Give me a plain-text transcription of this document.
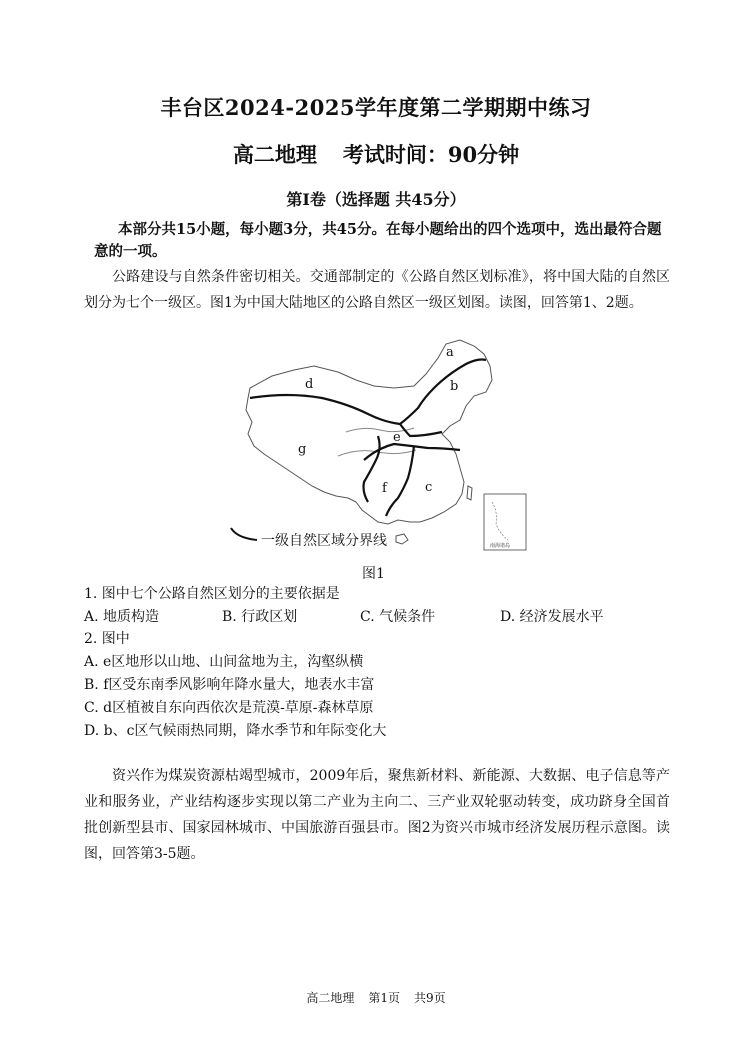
丰台区2024-2025学年度第二学期期中练习
高二地理 考试时间：90分钟
第Ⅰ卷（选择题 共45分）
本部分共15小题，每小题3分，共45分。在每小题给出的四个选项中，选出最符合题意的一项。
公路建设与自然条件密切相关。交通部制定的《公路自然区划标准》，将中国大陆的自然区划分为七个一级区。图1为中国大陆地区的公路自然区一级区划图。读图，回答第1、2题。
a
b
d
e
g
f	c
南海诸岛
一级自然区域分界线
图1
1. 图中七个公路自然区划分的主要依据是
A. 地质构造	B. 行政区划	C. 气候条件	D. 经济发展水平
2. 图中
A. e区地形以山地、山间盆地为主，沟壑纵横
B. f区受东南季风影响年降水量大，地表水丰富
C. d区植被自东向西依次是荒漠-草原-森林草原
D. b、c区气候雨热同期，降水季节和年际变化大
资兴作为煤炭资源枯竭型城市，2009年后，聚焦新材料、新能源、大数据、电子信息等产业和服务业，产业结构逐步实现以第二产业为主向二、三产业双轮驱动转变，成功跻身全国首批创新型县市、国家园林城市、中国旅游百强县市。图2为资兴市城市经济发展历程示意图。读图，回答第3-5题。
高二地理 第1页 共9页
